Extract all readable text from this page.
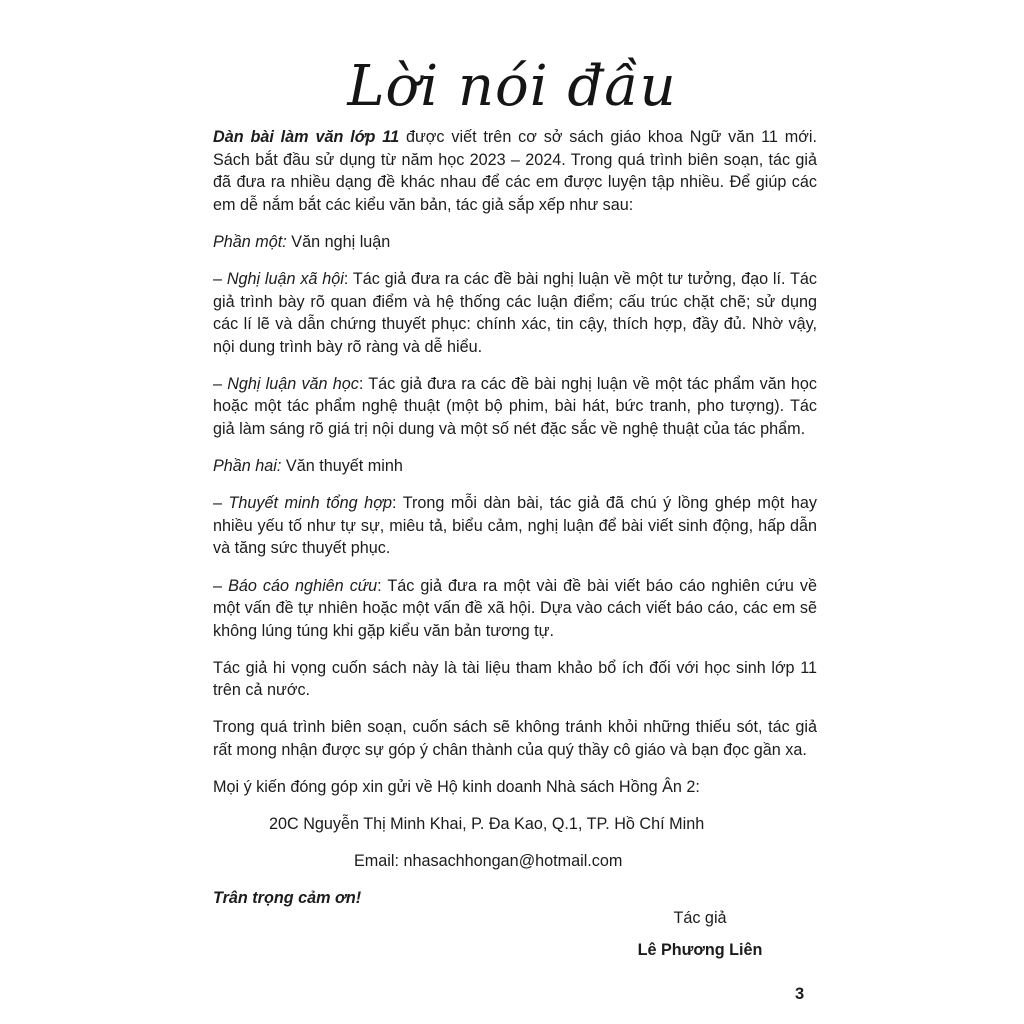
Lời nói đầu

Dàn bài làm văn lớp 11 được viết trên cơ sở sách giáo khoa Ngữ văn 11 mới. Sách bắt đầu sử dụng từ năm học 2023 – 2024. Trong quá trình biên soạn, tác giả đã đưa ra nhiều dạng đề khác nhau để các em được luyện tập nhiều. Để giúp các em dễ nắm bắt các kiểu văn bản, tác giả sắp xếp như sau:

Phần một: Văn nghị luận

– Nghị luận xã hội: Tác giả đưa ra các đề bài nghị luận về một tư tưởng, đạo lí. Tác giả trình bày rõ quan điểm và hệ thống các luận điểm; cấu trúc chặt chẽ; sử dụng các lí lẽ và dẫn chứng thuyết phục: chính xác, tin cậy, thích hợp, đầy đủ. Nhờ vậy, nội dung trình bày rõ ràng và dễ hiểu.

– Nghị luận văn học: Tác giả đưa ra các đề bài nghị luận về một tác phẩm văn học hoặc một tác phẩm nghệ thuật (một bộ phim, bài hát, bức tranh, pho tượng). Tác giả làm sáng rõ giá trị nội dung và một số nét đặc sắc về nghệ thuật của tác phẩm.

Phần hai: Văn thuyết minh

– Thuyết minh tổng hợp: Trong mỗi dàn bài, tác giả đã chú ý lồng ghép một hay nhiều yếu tố như tự sự, miêu tả, biểu cảm, nghị luận để bài viết sinh động, hấp dẫn và tăng sức thuyết phục.

– Báo cáo nghiên cứu: Tác giả đưa ra một vài đề bài viết báo cáo nghiên cứu về một vấn đề tự nhiên hoặc một vấn đề xã hội. Dựa vào cách viết báo cáo, các em sẽ không lúng túng khi gặp kiểu văn bản tương tự.

Tác giả hi vọng cuốn sách này là tài liệu tham khảo bổ ích đối với học sinh lớp 11 trên cả nước.

Trong quá trình biên soạn, cuốn sách sẽ không tránh khỏi những thiếu sót, tác giả rất mong nhận được sự góp ý chân thành của quý thầy cô giáo và bạn đọc gần xa.

Mọi ý kiến đóng góp xin gửi về Hộ kinh doanh Nhà sách Hồng Ân 2:

20C Nguyễn Thị Minh Khai, P. Đa Kao, Q.1, TP. Hồ Chí Minh

Email: nhasachhongan@hotmail.com

Trân trọng cảm ơn!

Tác giả
Lê Phương Liên
3
